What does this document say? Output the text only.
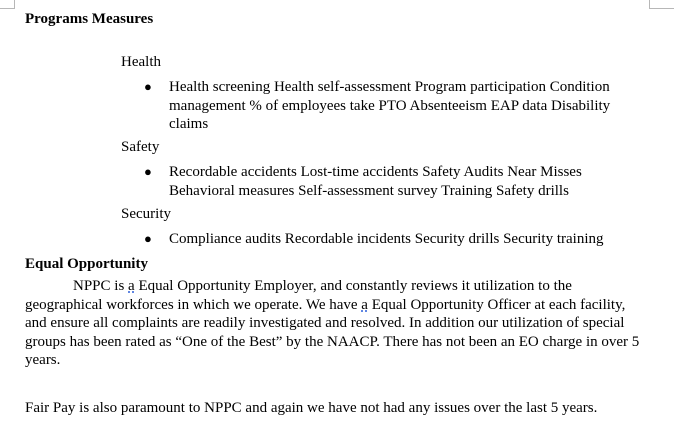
Programs Measures
Health
● Health screening Health self-assessment Program participation Condition management % of employees take PTO Absenteeism EAP data Disability claims
Safety
● Recordable accidents Lost-time accidents Safety Audits Near Misses Behavioral measures Self-assessment survey Training Safety drills
Security
● Compliance audits Recordable incidents Security drills Security training
Equal Opportunity
NPPC is a Equal Opportunity Employer, and constantly reviews it utilization to the geographical workforces in which we operate. We have a Equal Opportunity Officer at each facility, and ensure all complaints are readily investigated and resolved. In addition our utilization of special groups has been rated as “One of the Best” by the NAACP. There has not been an EO charge in over 5 years.
Fair Pay is also paramount to NPPC and again we have not had any issues over the last 5 years.
